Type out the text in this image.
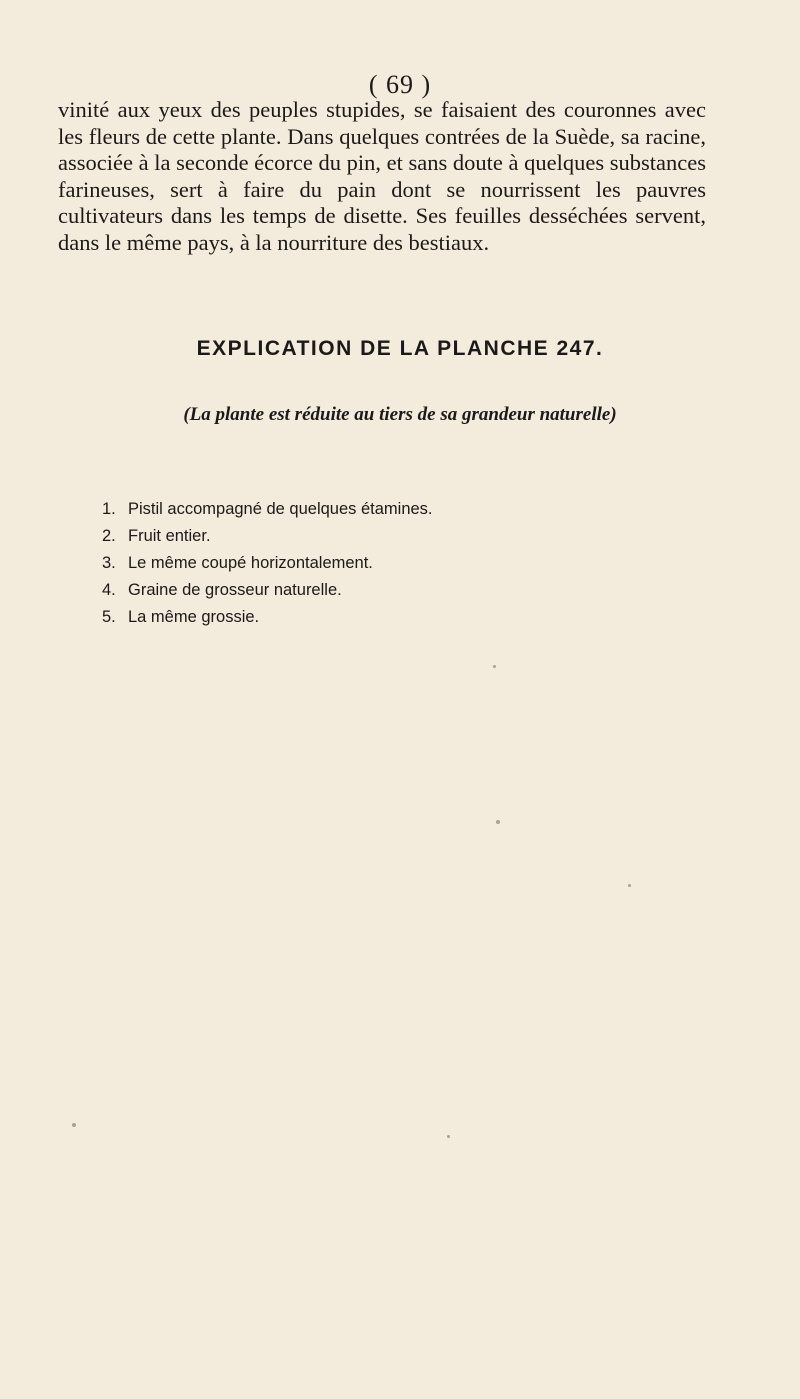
( 69 )

vinité aux yeux des peuples stupides, se faisaient des couronnes avec les fleurs de cette plante. Dans quelques contrées de la Suède, sa racine, associée à la seconde écorce du pin, et sans doute à quelques substances farineuses, sert à faire du pain dont se nourrissent les pauvres cultivateurs dans les temps de disette. Ses feuilles desséchées servent, dans le même pays, à la nourriture des bestiaux.

EXPLICATION DE LA PLANCHE 247.
(La plante est réduite au tiers de sa grandeur naturelle)
1. Pistil accompagné de quelques étamines.
2. Fruit entier.
3. Le même coupé horizontalement.
4. Graine de grosseur naturelle.
5. La même grossie.
